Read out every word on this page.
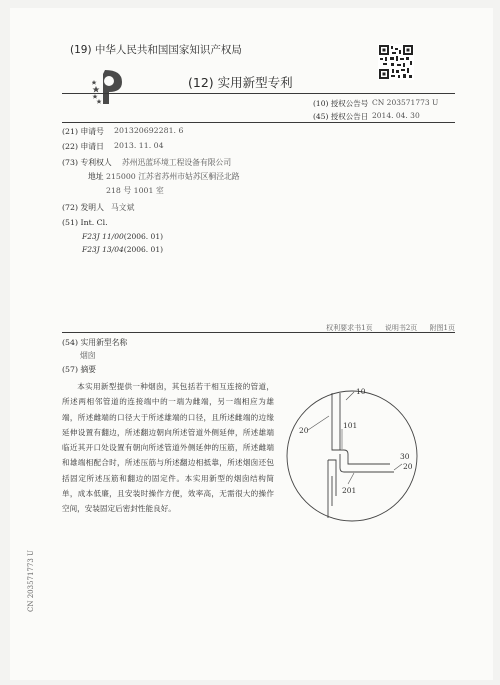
(19) 中华人民共和国国家知识产权局
(12) 实用新型专利
(10) 授权公告号 CN 203571773 U
(45) 授权公告日 2014. 04. 30
(21) 申请号 201320692281. 6
(22) 申请日 2013. 11. 04
(73) 专利权人 苏州迅蓝环境工程设备有限公司
地址 215000 江苏省苏州市姑苏区桐泾北路
218 号 1001 室
(72) 发明人 马文斌
(51) Int. Cl.
F23J 11/00(2006. 01)
F23J 13/04(2006. 01)
权利要求书1页 说明书2页 附图1页
(54) 实用新型名称
烟囱
(57) 摘要
本实用新型提供一种烟囱，其包括若干相互连接的管道，所述两相邻管道的连接端中的一端为雌端，另一端相应为雄端，所述雌端的口径大于所述雄端的口径，且所述雌端的边缘延伸设置有翻边，所述翻边朝向所述管道外侧延伸，所述雄端临近其开口处设置有朝向所述管道外侧延伸的压筋，所述雌端和雄端相配合时，所述压筋与所述翻边相抵靠，所述烟囱还包括固定所述压筋和翻边的固定件。本实用新型的烟囱结构简单，成本低廉，且安装时操作方便，效率高，无需很大的操作空间，安装固定后密封性能良好。
10
20
101
201
30
20
CN 203571773 U
